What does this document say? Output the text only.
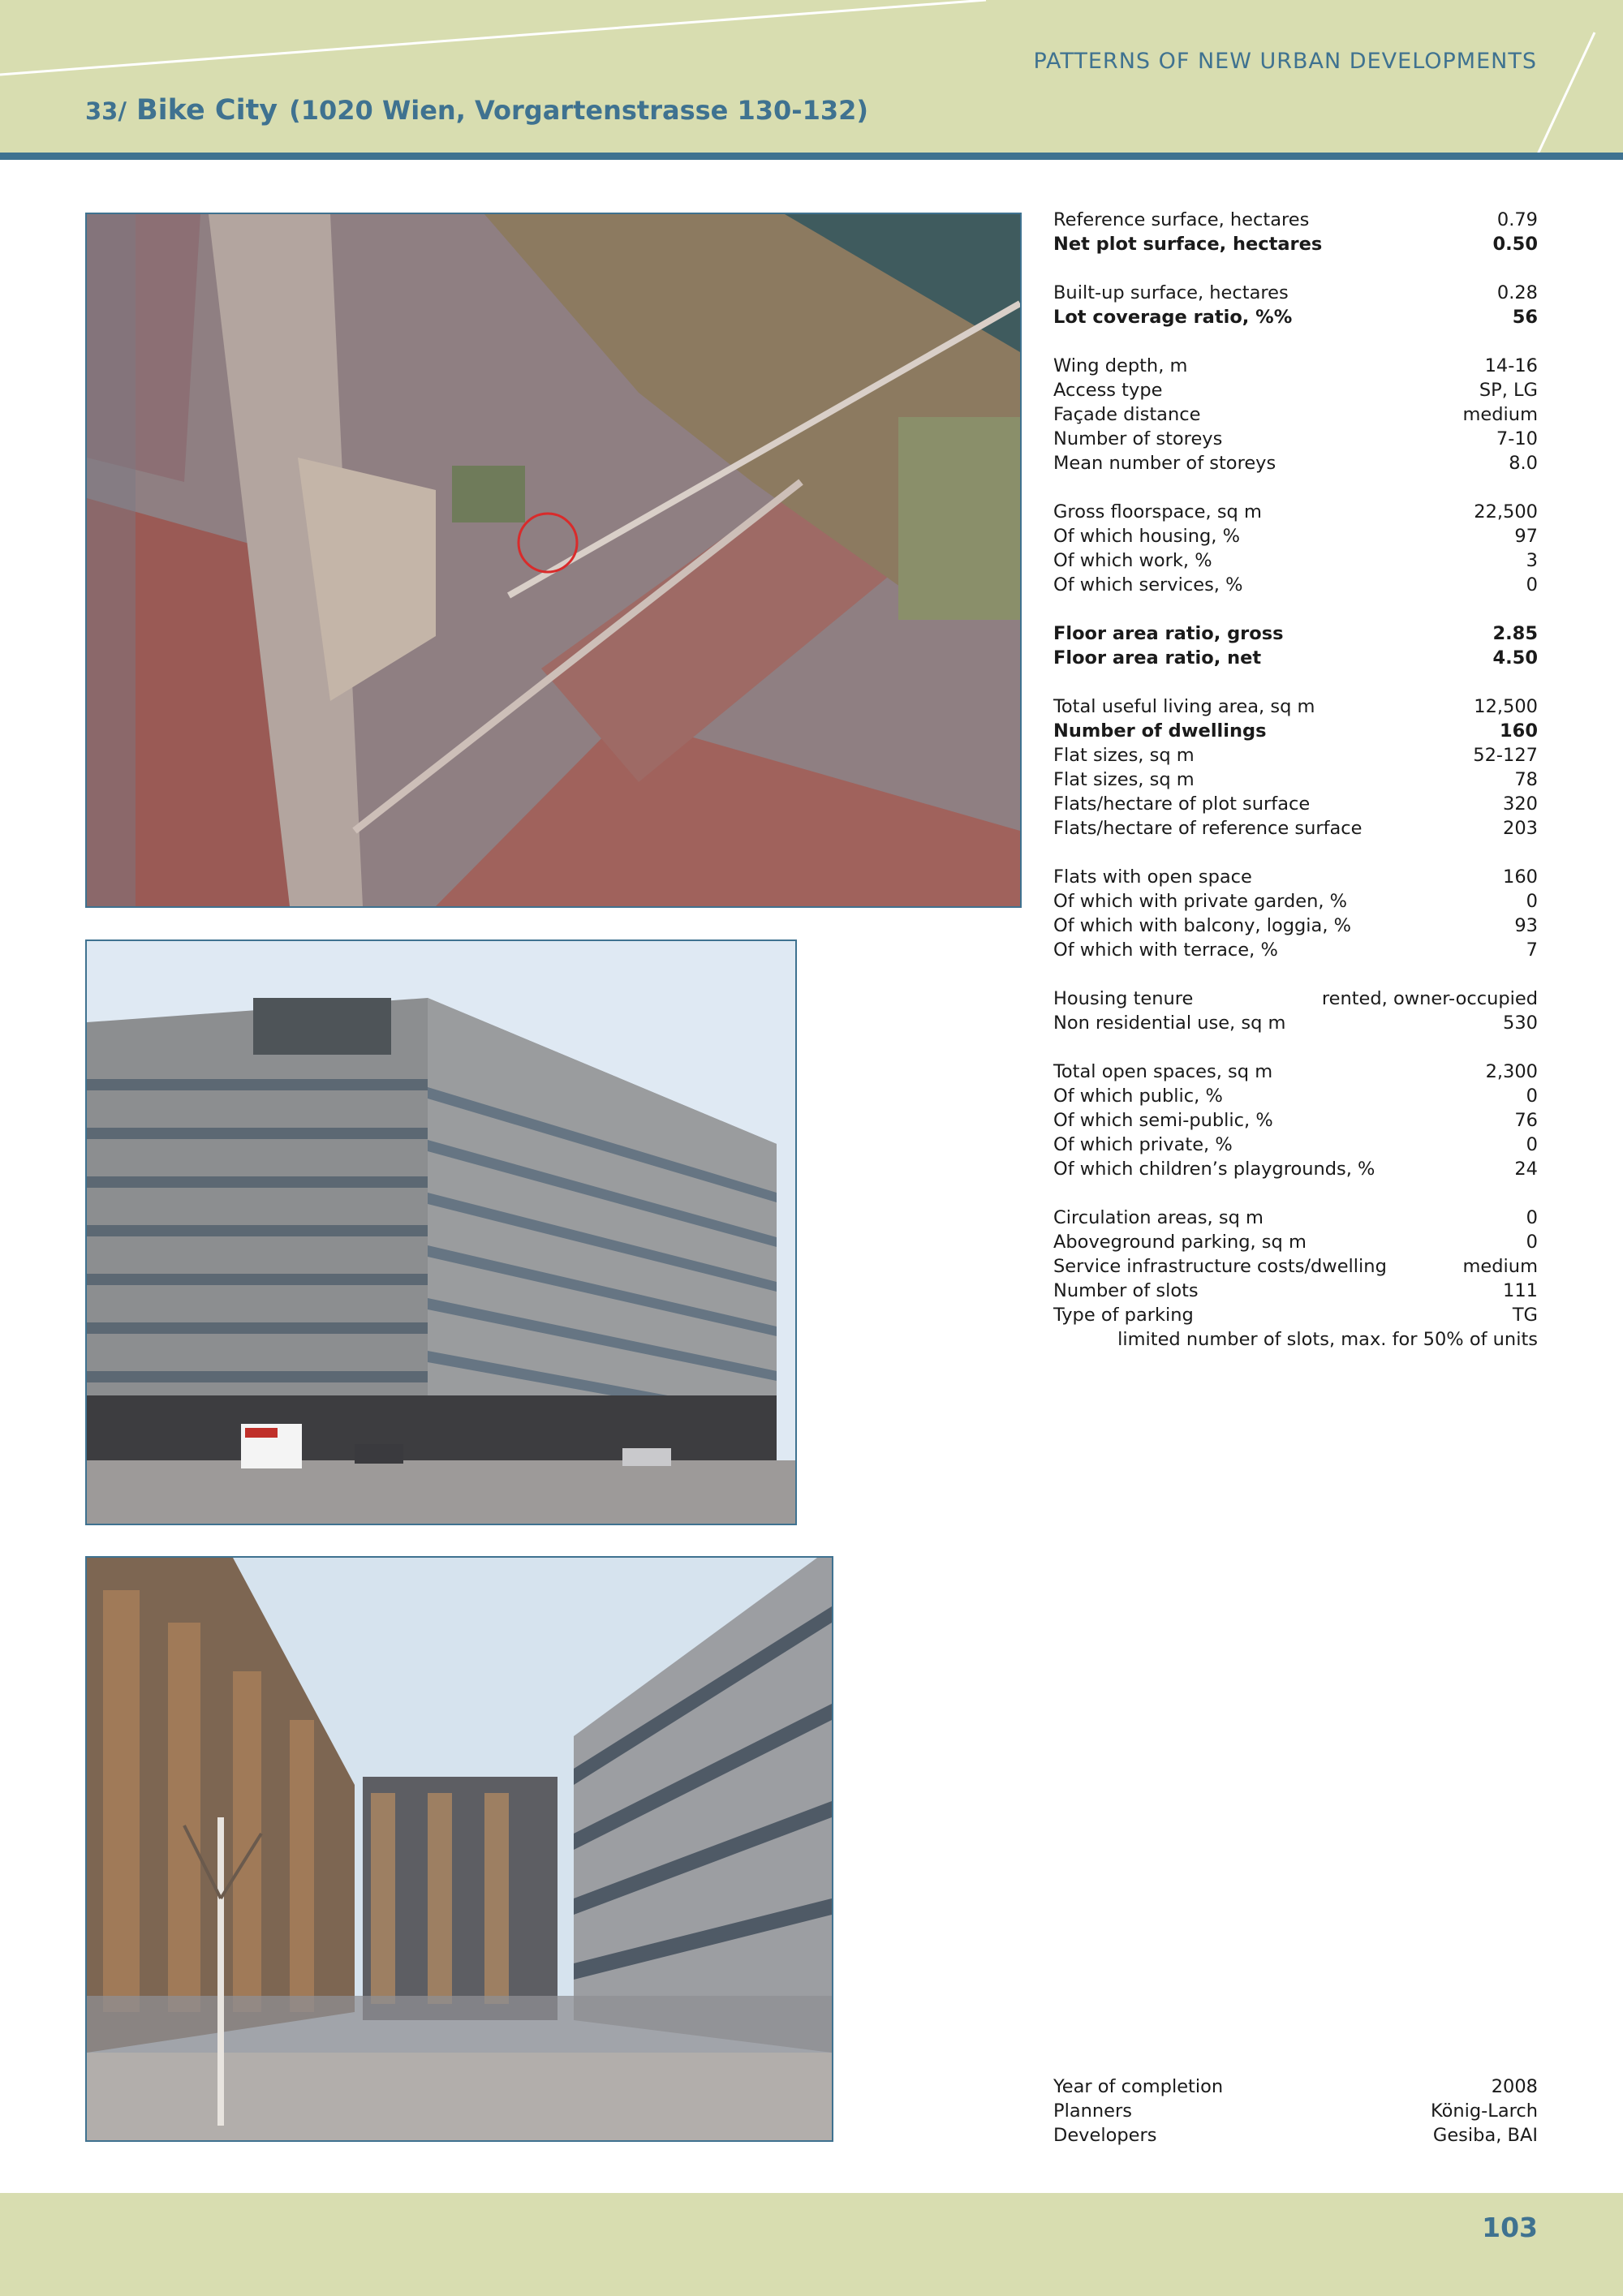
PATTERNS OF NEW URBAN DEVELOPMENTS
33/ Bike City (1020 Wien, Vorgartenstrasse 130-132)
Reference surface, hectares	0.79
Net plot surface, hectares	0.50
Built-up surface, hectares	0.28
Lot coverage ratio, %%	56
Wing depth, m	14-16
Access type	SP, LG
Façade distance	medium
Number of storeys	7-10
Mean number of storeys	8.0
Gross floorspace, sq m	22,500
Of which housing, %	97
Of which work, %	3
Of which services, %	0
Floor area ratio, gross	2.85
Floor area ratio, net	4.50
Total useful living area, sq m	12,500
Number of dwellings	160
Flat sizes, sq m	52-127
Flat sizes, sq m	78
Flats/hectare of plot surface	320
Flats/hectare of reference surface	203
Flats with open space	160
Of which with private garden, %	0
Of which with balcony, loggia, %	93
Of which with terrace, %	7
Housing tenure	rented, owner-occupied
Non residential use, sq m	530
Total open spaces, sq m	2,300
Of which public, %	0
Of which semi-public, %	76
Of which private, %	0
Of which children’s playgrounds, %	24
Circulation areas, sq m	0
Aboveground parking, sq m	0
Service infrastructure costs/dwelling	medium
Number of slots	111
Type of parking	TG
limited number of slots, max. for 50% of units
Year of completion	2008
Planners	König-Larch
Developers	Gesiba, BAI
103
